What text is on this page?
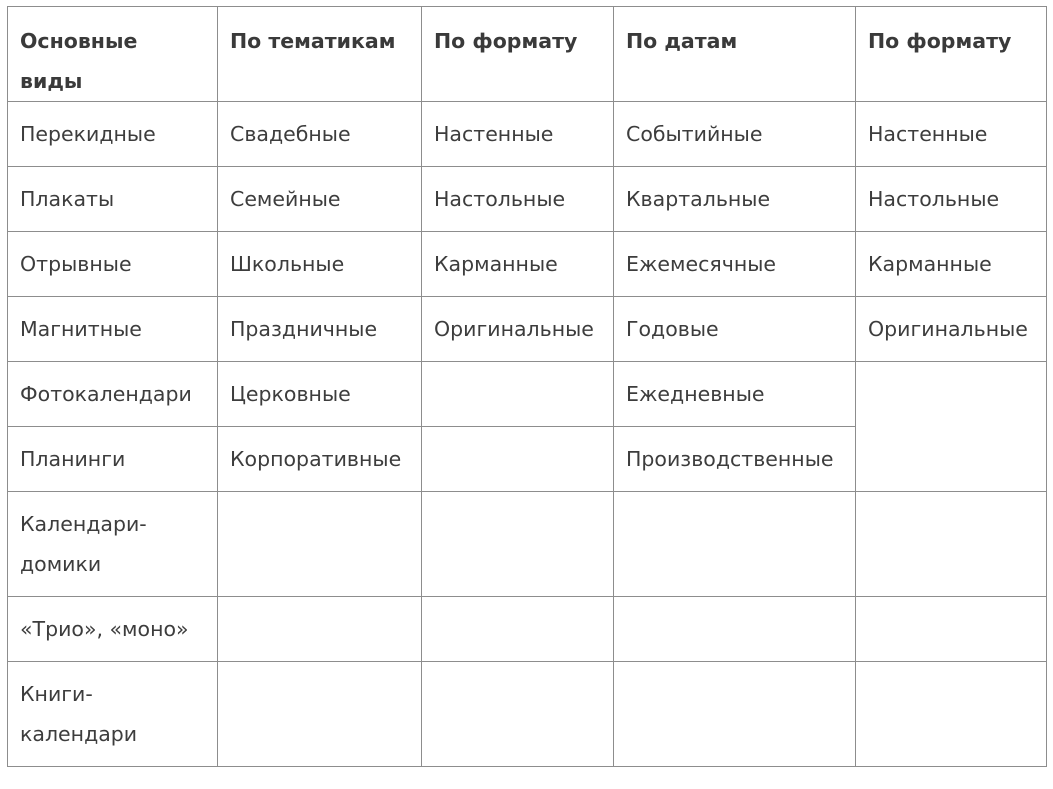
Основные виды	По тематикам	По формату	По датам	По формату
Перекидные	Свадебные	Настенные	Событийные	Настенные
Плакаты	Семейные	Настольные	Квартальные	Настольные
Отрывные	Школьные	Карманные	Ежемесячные	Карманные
Магнитные	Праздничные	Оригинальные	Годовые	Оригинальные
Фотокалендари	Церковные		Ежедневные	
Планинги	Корпоративные		Производственные	

Календари-домики				

«Трио», «моно»				

Книги-календари				
